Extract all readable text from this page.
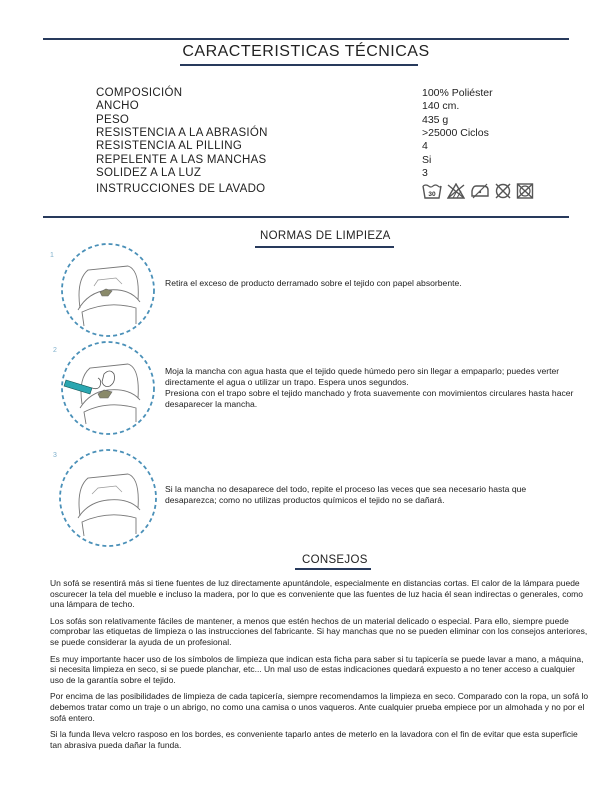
CARACTERISTICAS TÉCNICAS
COMPOSICIÓN	100% Poliéster
ANCHO	140 cm.
PESO	435 g
RESISTENCIA A LA ABRASIÓN	>25000 Ciclos
RESISTENCIA AL PILLING	4
REPELENTE A LAS MANCHAS	Si
SOLIDEZ A LA LUZ	3
INSTRUCCIONES DE LAVADO	30
NORMAS DE LIMPIEZA
1
Retira el exceso de producto derramado sobre el tejido con papel absorbente.
2
Moja la mancha con agua hasta que el tejido quede húmedo pero sin llegar a empaparlo; puedes verter directamente el agua o utilizar un trapo. Espera unos segundos.
Presiona con el trapo sobre el tejido manchado y frota suavemente con movimientos circulares hasta hacer desaparecer la mancha.
3
Si la mancha no desaparece del todo, repite el proceso las veces que sea necesario hasta que desaparezca; como no utilizas productos químicos el tejido no se dañará.
CONSEJOS

Un sofá se resentirá más si tiene fuentes de luz directamente apuntándole, especialmente en distancias cortas. El calor de la lámpara puede oscurecer la tela del mueble e incluso la madera, por lo que es conveniente que las fuentes de luz hacia él sean indirectas o generales, como una lámpara de techo.

Los sofás son relativamente fáciles de mantener, a menos que estén hechos de un material delicado o especial. Para ello, siempre puede comprobar las etiquetas de limpieza o las instrucciones del fabricante. Si hay manchas que no se pueden eliminar con los consejos anteriores, se puede considerar la ayuda de un profesional.

Es muy importante hacer uso de los símbolos de limpieza que indican esta ficha para saber si tu tapicería se puede lavar a mano, a máquina, si necesita limpieza en seco, si se puede planchar, etc... Un mal uso de estas indicaciones quedará expuesto a no tener acceso a cualquier uso de la garantía sobre el tejido.

Por encima de las posibilidades de limpieza de cada tapicería, siempre recomendamos la limpieza en seco. Comparado con la ropa, un sofá lo debemos tratar como un traje o un abrigo, no como una camisa o unos vaqueros. Ante cualquier prueba empiece por un almohada y no por el sofá entero.

Si la funda lleva velcro rasposo en los bordes, es conveniente taparlo antes de meterlo en la lavadora con el fin de evitar que esta superficie tan abrasiva pueda dañar la funda.
